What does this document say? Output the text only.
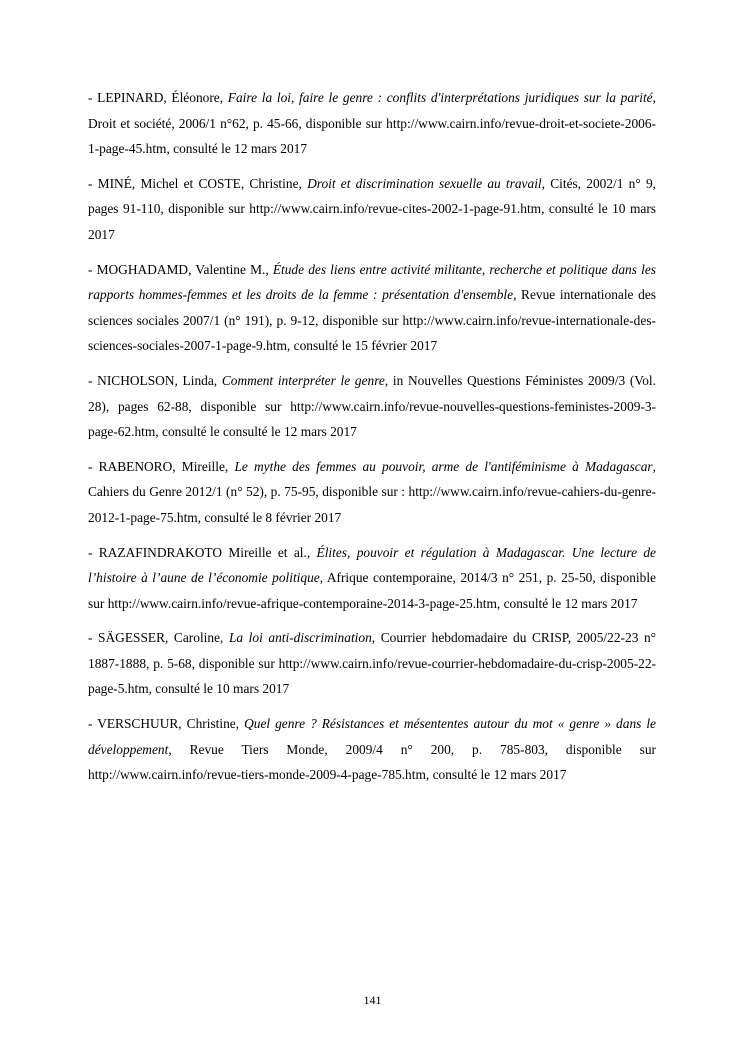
- LEPINARD, Éléonore, Faire la loi, faire le genre : conflits d'interprétations juridiques sur la parité, Droit et société, 2006/1 n°62, p. 45-66, disponible sur http://www.cairn.info/revue-droit-et-societe-2006-1-page-45.htm, consulté le 12 mars 2017

- MINÉ, Michel et COSTE, Christine, Droit et discrimination sexuelle au travail, Cités, 2002/1 n° 9, pages 91-110, disponible sur http://www.cairn.info/revue-cites-2002-1-page-91.htm, consulté le 10 mars 2017

- MOGHADAMD, Valentine M., Étude des liens entre activité militante, recherche et politique dans les rapports hommes-femmes et les droits de la femme : présentation d'ensemble, Revue internationale des sciences sociales 2007/1 (n° 191), p. 9-12, disponible sur http://www.cairn.info/revue-internationale-des-sciences-sociales-2007-1-page-9.htm, consulté le 15 février 2017

- NICHOLSON, Linda, Comment interpréter le genre, in Nouvelles Questions Féministes 2009/3 (Vol. 28), pages 62-88, disponible sur http://www.cairn.info/revue-nouvelles-questions-feministes-2009-3-page-62.htm, consulté le consulté le 12 mars 2017

- RABENORO, Mireille, Le mythe des femmes au pouvoir, arme de l'antiféminisme à Madagascar, Cahiers du Genre 2012/1 (n° 52), p. 75-95, disponible sur : http://www.cairn.info/revue-cahiers-du-genre-2012-1-page-75.htm, consulté le 8 février 2017

- RAZAFINDRAKOTO Mireille et al., Élites, pouvoir et régulation à Madagascar. Une lecture de l’histoire à l’aune de l’économie politique, Afrique contemporaine, 2014/3 n° 251, p. 25-50, disponible sur http://www.cairn.info/revue-afrique-contemporaine-2014-3-page-25.htm, consulté le 12 mars 2017

- SÄGESSER, Caroline, La loi anti-discrimination, Courrier hebdomadaire du CRISP, 2005/22-23 n° 1887-1888, p. 5-68, disponible sur http://www.cairn.info/revue-courrier-hebdomadaire-du-crisp-2005-22-page-5.htm, consulté le 10 mars 2017

- VERSCHUUR, Christine, Quel genre ? Résistances et mésententes autour du mot « genre » dans le développement, Revue Tiers Monde, 2009/4 n° 200, p. 785-803, disponible sur http://www.cairn.info/revue-tiers-monde-2009-4-page-785.htm, consulté le 12 mars 2017

141
